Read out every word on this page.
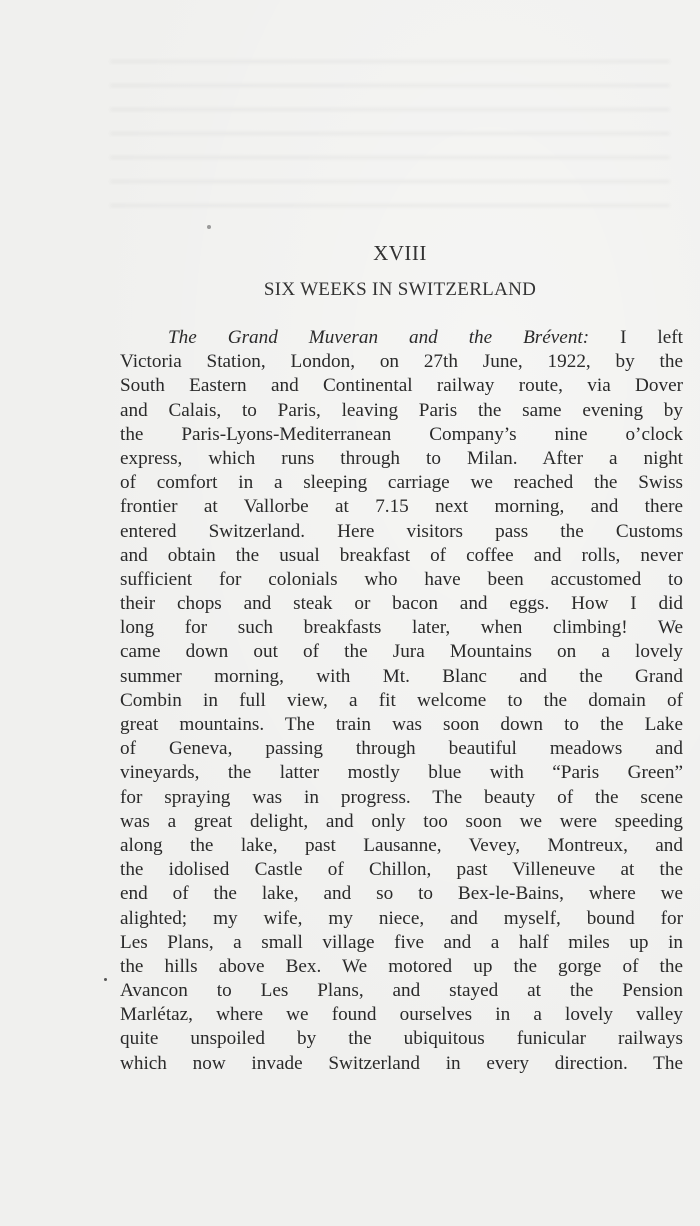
XVIII
SIX WEEKS IN SWITZERLAND
The Grand Muveran and the Brévent: I left
Victoria Station, London, on 27th June, 1922, by the
South Eastern and Continental railway route, via Dover
and Calais, to Paris, leaving Paris the same evening by
the Paris-Lyons-Mediterranean Company’s nine o’clock
express, which runs through to Milan. After a night
of comfort in a sleeping carriage we reached the Swiss
frontier at Vallorbe at 7.15 next morning, and there
entered Switzerland. Here visitors pass the Customs
and obtain the usual breakfast of coffee and rolls, never
sufficient for colonials who have been accustomed to
their chops and steak or bacon and eggs. How I did
long for such breakfasts later, when climbing! We
came down out of the Jura Mountains on a lovely
summer morning, with Mt. Blanc and the Grand
Combin in full view, a fit welcome to the domain of
great mountains. The train was soon down to the Lake
of Geneva, passing through beautiful meadows and
vineyards, the latter mostly blue with “Paris Green”
for spraying was in progress. The beauty of the scene
was a great delight, and only too soon we were speeding
along the lake, past Lausanne, Vevey, Montreux, and
the idolised Castle of Chillon, past Villeneuve at the
end of the lake, and so to Bex-le-Bains, where we
alighted; my wife, my niece, and myself, bound for
Les Plans, a small village five and a half miles up in
the hills above Bex. We motored up the gorge of the
Avancon to Les Plans, and stayed at the Pension
Marlétaz, where we found ourselves in a lovely valley
quite unspoiled by the ubiquitous funicular railways
which now invade Switzerland in every direction. The
